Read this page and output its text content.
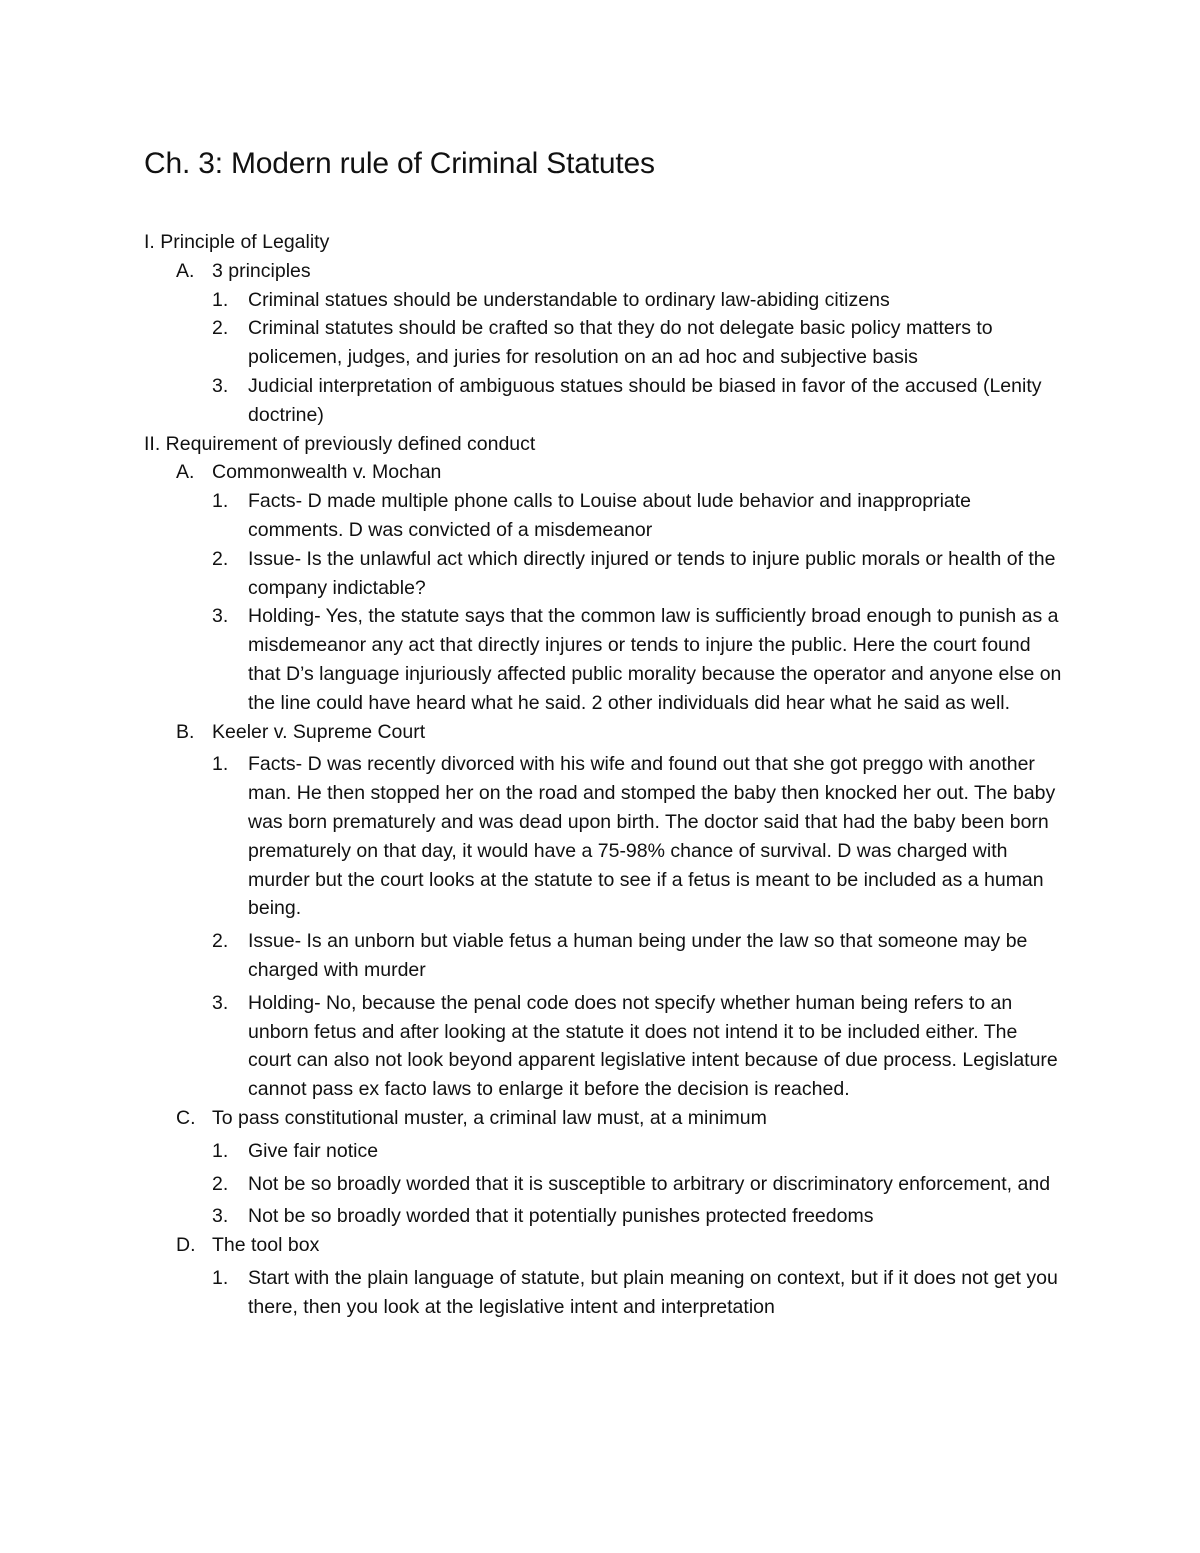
Ch. 3: Modern rule of Criminal Statutes
I. Principle of Legality
A. 3 principles
1.	Criminal statues should be understandable to ordinary law-abiding citizens
2.	Criminal statutes should be crafted so that they do not delegate basic policy matters to policemen, judges, and juries for resolution on an ad hoc and subjective basis
3.	Judicial interpretation of ambiguous statues should be biased in favor of the accused (Lenity doctrine)
II. Requirement of previously defined conduct
A. Commonwealth v. Mochan
1.	Facts- D made multiple phone calls to Louise about lude behavior and inappropriate comments. D was convicted of a misdemeanor
2.	Issue- Is the unlawful act which directly injured or tends to injure public morals or health of the company indictable?
3.	Holding- Yes, the statute says that the common law is sufficiently broad enough to punish as a misdemeanor any act that directly injures or tends to injure the public. Here the court found that D’s language injuriously affected public morality because the operator and anyone else on the line could have heard what he said. 2 other individuals did hear what he said as well.
B. Keeler v. Supreme Court
1.	Facts- D was recently divorced with his wife and found out that she got preggo with another man. He then stopped her on the road and stomped the baby then knocked her out. The baby was born prematurely and was dead upon birth. The doctor said that had the baby been born prematurely on that day, it would have a 75-98% chance of survival. D was charged with murder but the court looks at the statute to see if a fetus is meant to be included as a human being.
2.	Issue- Is an unborn but viable fetus a human being under the law so that someone may be charged with murder
3.	Holding- No, because the penal code does not specify whether human being refers to an unborn fetus and after looking at the statute it does not intend it to be included either. The court can also not look beyond apparent legislative intent because of due process. Legislature cannot pass ex facto laws to enlarge it before the decision is reached.
C. To pass constitutional muster, a criminal law must, at a minimum
1.	Give fair notice
2.	Not be so broadly worded that it is susceptible to arbitrary or discriminatory enforcement, and
3.	Not be so broadly worded that it potentially punishes protected freedoms
D. The tool box
1.	Start with the plain language of statute, but plain meaning on context, but if it does not get you there, then you look at the legislative intent and interpretation
